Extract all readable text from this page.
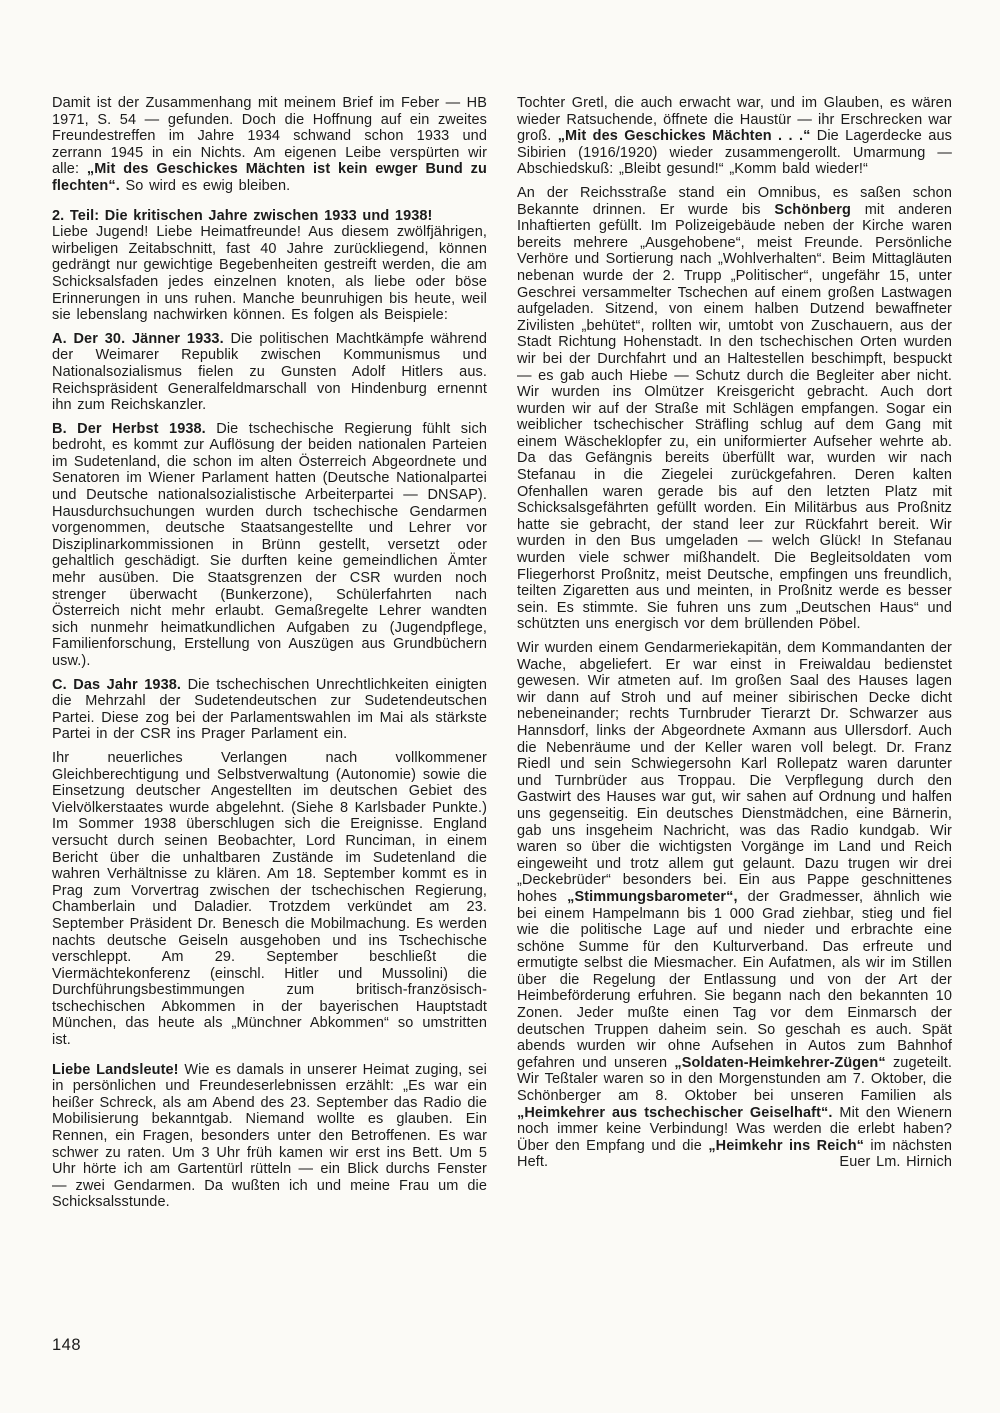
Damit ist der Zusammenhang mit meinem Brief im Feber — HB 1971, S. 54 — gefunden. Doch die Hoffnung auf ein zweites Freundestreffen im Jahre 1934 schwand schon 1933 und zerrann 1945 in ein Nichts. Am eigenen Leibe verspürten wir alle: „Mit des Geschickes Mächten ist kein ewger Bund zu flechten“. So wird es ewig bleiben.

2. Teil: Die kritischen Jahre zwischen 1933 und 1938!

Liebe Jugend! Liebe Heimatfreunde! Aus diesem zwölfjährigen, wirbeligen Zeitabschnitt, fast 40 Jahre zurückliegend, können gedrängt nur gewichtige Begebenheiten gestreift werden, die am Schicksalsfaden jedes einzelnen knoten, als liebe oder böse Erinnerungen in uns ruhen. Manche beunruhigen bis heute, weil sie lebenslang nachwirken können. Es folgen als Beispiele:

A. Der 30. Jänner 1933. Die politischen Machtkämpfe während der Weimarer Republik zwischen Kommunismus und Nationalsozialismus fielen zu Gunsten Adolf Hitlers aus. Reichspräsident Generalfeldmarschall von Hindenburg ernennt ihn zum Reichskanzler.

B. Der Herbst 1938. Die tschechische Regierung fühlt sich bedroht, es kommt zur Auflösung der beiden nationalen Parteien im Sudetenland, die schon im alten Österreich Abgeordnete und Senatoren im Wiener Parlament hatten (Deutsche Nationalpartei und Deutsche nationalsozialistische Arbeiterpartei — DNSAP). Hausdurchsuchungen wurden durch tschechische Gendarmen vorgenommen, deutsche Staatsangestellte und Lehrer vor Disziplinarkommissionen in Brünn gestellt, versetzt oder gehaltlich geschädigt. Sie durften keine gemeindlichen Ämter mehr ausüben. Die Staatsgrenzen der CSR wurden noch strenger überwacht (Bunkerzone), Schülerfahrten nach Österreich nicht mehr erlaubt. Gemaßregelte Lehrer wandten sich nunmehr heimatkundlichen Aufgaben zu (Jugendpflege, Familienforschung, Erstellung von Auszügen aus Grundbüchern usw.).

C. Das Jahr 1938. Die tschechischen Unrechtlichkeiten einigten die Mehrzahl der Sudetendeutschen zur Sudetendeutschen Partei. Diese zog bei der Parlamentswahlen im Mai als stärkste Partei in der CSR ins Prager Parlament ein.

Ihr neuerliches Verlangen nach vollkommener Gleichberechtigung und Selbstverwaltung (Autonomie) sowie die Einsetzung deutscher Angestellten im deutschen Gebiet des Vielvölkerstaates wurde abgelehnt. (Siehe 8 Karlsbader Punkte.) Im Sommer 1938 überschlugen sich die Ereignisse. England versucht durch seinen Beobachter, Lord Runciman, in einem Bericht über die unhaltbaren Zustände im Sudetenland die wahren Verhältnisse zu klären. Am 18. September kommt es in Prag zum Vorvertrag zwischen der tschechischen Regierung, Chamberlain und Daladier. Trotzdem verkündet am 23. September Präsident Dr. Benesch die Mobilmachung. Es werden nachts deutsche Geiseln ausgehoben und ins Tschechische verschleppt. Am 29. September beschließt die Viermächtekonferenz (einschl. Hitler und Mussolini) die Durchführungsbestimmungen zum britisch-französisch-tschechischen Abkommen in der bayerischen Hauptstadt München, das heute als „Münchner Abkommen“ so umstritten ist.

Liebe Landsleute! Wie es damals in unserer Heimat zuging, sei in persönlichen und Freundeserlebnissen erzählt: „Es war ein heißer Schreck, als am Abend des 23. September das Radio die Mobilisierung bekanntgab. Niemand wollte es glauben. Ein Rennen, ein Fragen, besonders unter den Betroffenen. Es war schwer zu raten. Um 3 Uhr früh kamen wir erst ins Bett. Um 5 Uhr hörte ich am Gartentürl rütteln — ein Blick durchs Fenster — zwei Gendarmen. Da wußten ich und meine Frau um die Schicksalsstunde.

Tochter Gretl, die auch erwacht war, und im Glauben, es wären wieder Ratsuchende, öffnete die Haustür — ihr Erschrecken war groß. „Mit des Geschickes Mächten . . .“ Die Lagerdecke aus Sibirien (1916/1920) wieder zusammengerollt. Umarmung — Abschiedskuß: „Bleibt gesund!“ „Komm bald wieder!“

An der Reichsstraße stand ein Omnibus, es saßen schon Bekannte drinnen. Er wurde bis Schönberg mit anderen Inhaftierten gefüllt. Im Polizeigebäude neben der Kirche waren bereits mehrere „Ausgehobene“, meist Freunde. Persönliche Verhöre und Sortierung nach „Wohlverhalten“. Beim Mittagläuten nebenan wurde der 2. Trupp „Politischer“, ungefähr 15, unter Geschrei versammelter Tschechen auf einem großen Lastwagen aufgeladen. Sitzend, von einem halben Dutzend bewaffneter Zivilisten „behütet“, rollten wir, umtobt von Zuschauern, aus der Stadt Richtung Hohenstadt. In den tschechischen Orten wurden wir bei der Durchfahrt und an Haltestellen beschimpft, bespuckt — es gab auch Hiebe — Schutz durch die Begleiter aber nicht. Wir wurden ins Olmützer Kreisgericht gebracht. Auch dort wurden wir auf der Straße mit Schlägen empfangen. Sogar ein weiblicher tschechischer Sträfling schlug auf dem Gang mit einem Wäscheklopfer zu, ein uniformierter Aufseher wehrte ab. Da das Gefängnis bereits überfüllt war, wurden wir nach Stefanau in die Ziegelei zurückgefahren. Deren kalten Ofenhallen waren gerade bis auf den letzten Platz mit Schicksalsgefährten gefüllt worden. Ein Militärbus aus Proßnitz hatte sie gebracht, der stand leer zur Rückfahrt bereit. Wir wurden in den Bus umgeladen — welch Glück! In Stefanau wurden viele schwer mißhandelt. Die Begleitsoldaten vom Fliegerhorst Proßnitz, meist Deutsche, empfingen uns freundlich, teilten Zigaretten aus und meinten, in Proßnitz werde es besser sein. Es stimmte. Sie fuhren uns zum „Deutschen Haus“ und schützten uns energisch vor dem brüllenden Pöbel.

Wir wurden einem Gendarmeriekapitän, dem Kommandanten der Wache, abgeliefert. Er war einst in Freiwaldau bedienstet gewesen. Wir atmeten auf. Im großen Saal des Hauses lagen wir dann auf Stroh und auf meiner sibirischen Decke dicht nebeneinander; rechts Turnbruder Tierarzt Dr. Schwarzer aus Hannsdorf, links der Abgeordnete Axmann aus Ullersdorf. Auch die Nebenräume und der Keller waren voll belegt. Dr. Franz Riedl und sein Schwiegersohn Karl Rollepatz waren darunter und Turnbrüder aus Troppau. Die Verpflegung durch den Gastwirt des Hauses war gut, wir sahen auf Ordnung und halfen uns gegenseitig. Ein deutsches Dienstmädchen, eine Bärnerin, gab uns insgeheim Nachricht, was das Radio kundgab. Wir waren so über die wichtigsten Vorgänge im Land und Reich eingeweiht und trotz allem gut gelaunt. Dazu trugen wir drei „Deckebrüder“ besonders bei. Ein aus Pappe geschnittenes hohes „Stimmungsbarometer“, der Gradmesser, ähnlich wie bei einem Hampelmann bis 1 000 Grad ziehbar, stieg und fiel wie die politische Lage auf und nieder und erbrachte eine schöne Summe für den Kulturverband. Das erfreute und ermutigte selbst die Miesmacher. Ein Aufatmen, als wir im Stillen über die Regelung der Entlassung und von der Art der Heimbeförderung erfuhren. Sie begann nach den bekannten 10 Zonen. Jeder mußte einen Tag vor dem Einmarsch der deutschen Truppen daheim sein. So geschah es auch. Spät abends wurden wir ohne Aufsehen in Autos zum Bahnhof gefahren und unseren „Soldaten-Heimkehrer-Zügen“ zugeteilt. Wir Teßtaler waren so in den Morgenstunden am 7. Oktober, die Schönberger am 8. Oktober bei unseren Familien als „Heimkehrer aus tschechischer Geiselhaft“. Mit den Wienern noch immer keine Verbindung! Was werden die erlebt haben? Über den Empfang und die „Heimkehr ins Reich“ im nächsten Heft.	Euer Lm. Hirnich

148
